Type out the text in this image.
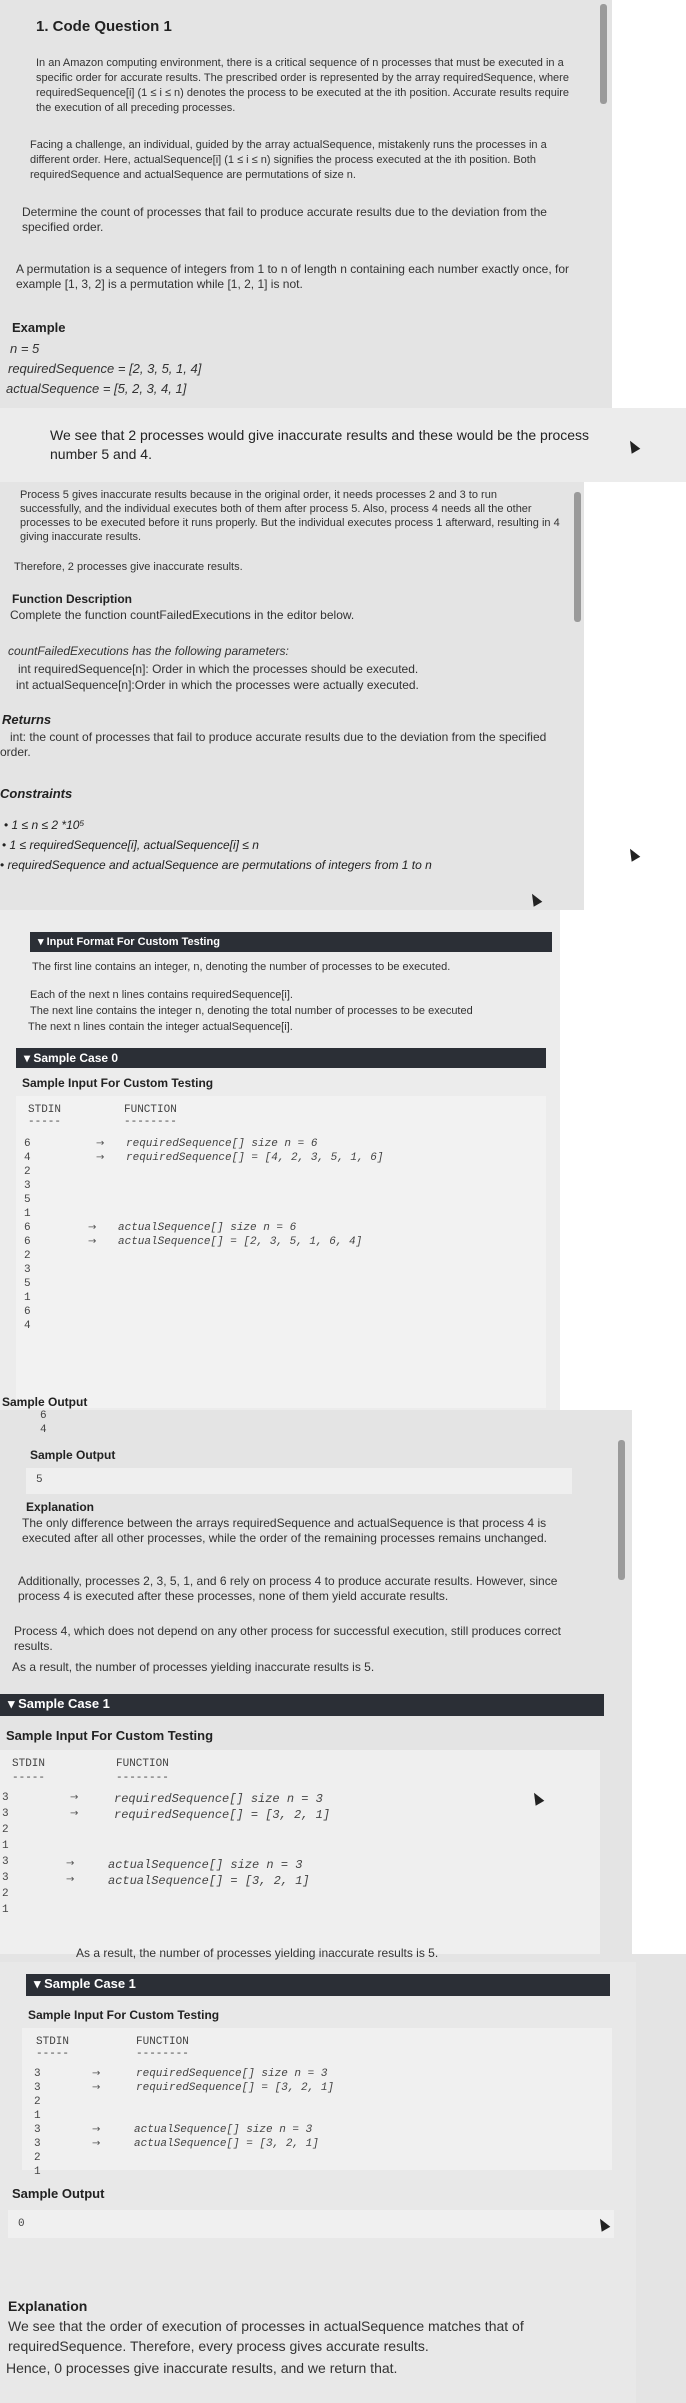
1. Code Question 1

In an Amazon computing environment, there is a critical sequence of n processes that must be executed in a specific order for accurate results. The prescribed order is represented by the array requiredSequence, where requiredSequence[i] (1 ≤ i ≤ n) denotes the process to be executed at the ith position. Accurate results require the execution of all preceding processes.

Facing a challenge, an individual, guided by the array actualSequence, mistakenly runs the processes in a different order. Here, actualSequence[i] (1 ≤ i ≤ n) signifies the process executed at the ith position. Both requiredSequence and actualSequence are permutations of size n.

Determine the count of processes that fail to produce accurate results due to the deviation from the specified order.

A permutation is a sequence of integers from 1 to n of length n containing each number exactly once, for example [1, 3, 2] is a permutation while [1, 2, 1] is not.

Example
n = 5
requiredSequence = [2, 3, 5, 1, 4]
actualSequence = [5, 2, 3, 4, 1]

We see that 2 processes would give inaccurate results and these would be the process number 5 and 4.

Process 5 gives inaccurate results because in the original order, it needs processes 2 and 3 to run successfully, and the individual executes both of them after process 5. Also, process 4 needs all the other processes to be executed before it runs properly. But the individual executes process 1 afterward, resulting in 4 giving inaccurate results.

Therefore, 2 processes give inaccurate results.

Function Description

Complete the function countFailedExecutions in the editor below.

countFailedExecutions has the following parameters:

int requiredSequence[n]: Order in which the processes should be executed.

int actualSequence[n]:Order in which the processes were actually executed.

Returns

int: the count of processes that fail to produce accurate results due to the deviation from the specified order.

Constraints
• 1 ≤ n ≤ 2 *10⁵
• 1 ≤ requiredSequence[i], actualSequence[i] ≤ n
• requiredSequence and actualSequence are permutations of integers from 1 to n
▾ Input Format For Custom Testing

The first line contains an integer, n, denoting the number of processes to be executed.

Each of the next n lines contains requiredSequence[i].

The next line contains the integer n, denoting the total number of processes to be executed

The next n lines contain the integer actualSequence[i].

▾ Sample Case 0
Sample Input For Custom Testing
STDIN
-----
FUNCTION
--------
6
4
2
3
5
1
6
6
2
3
5
1
6
4
→
→
requiredSequence[] size n = 6
requiredSequence[] = [4, 2, 3, 5, 1, 6]
→
→
actualSequence[] size n = 6
actualSequence[] = [2, 3, 5, 1, 6, 4]
Sample Output
6
4
Sample Output
5
Explanation

The only difference between the arrays requiredSequence and actualSequence is that process 4 is executed after all other processes, while the order of the remaining processes remains unchanged.

Additionally, processes 2, 3, 5, 1, and 6 rely on process 4 to produce accurate results. However, since process 4 is executed after these processes, none of them yield accurate results.

Process 4, which does not depend on any other process for successful execution, still produces correct results.

As a result, the number of processes yielding inaccurate results is 5.

▾ Sample Case 1
Sample Input For Custom Testing
STDIN
-----
FUNCTION
--------
3
3
2
1
3
3
2
1
→
→
requiredSequence[] size n = 3
requiredSequence[] = [3, 2, 1]
→
→
actualSequence[] size n = 3
actualSequence[] = [3, 2, 1]

As a result, the number of processes yielding inaccurate results is 5.

▾ Sample Case 1
Sample Input For Custom Testing
STDIN
-----
FUNCTION
--------
3
3
2
1
3
3
2
1
→
→
requiredSequence[] size n = 3
requiredSequence[] = [3, 2, 1]
→
→
actualSequence[] size n = 3
actualSequence[] = [3, 2, 1]
Sample Output
0
Explanation

We see that the order of execution of processes in actualSequence matches that of requiredSequence. Therefore, every process gives accurate results.

Hence, 0 processes give inaccurate results, and we return that.
